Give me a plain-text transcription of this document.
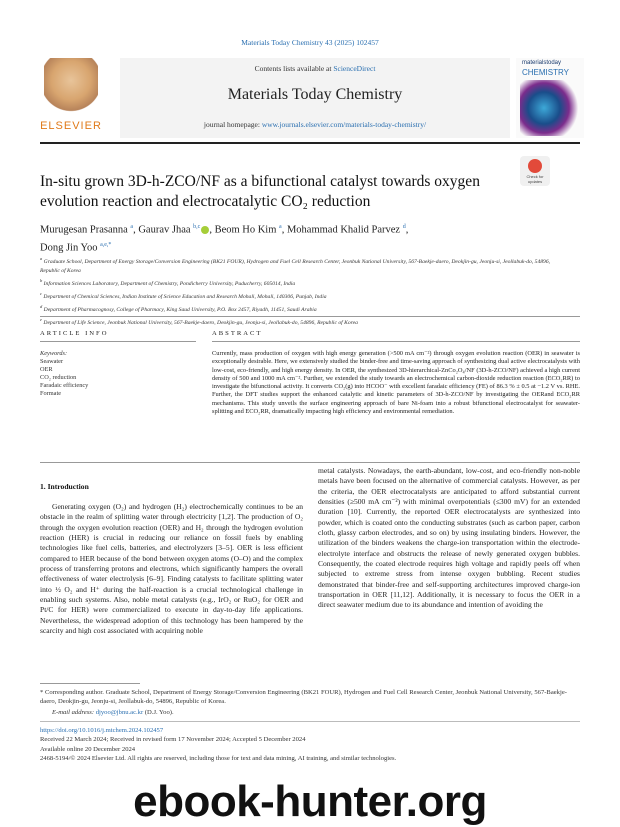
Materials Today Chemistry 43 (2025) 102457
ELSEVIER
Contents lists available at ScienceDirect
Materials Today Chemistry
journal homepage: www.journals.elsevier.com/materials-today-chemistry/
materialstoday
CHEMISTRY
In-situ grown 3D-h-ZCO/NF as a bifunctional catalyst towards oxygen evolution reaction and electrocatalytic CO₂ reduction
Check for updates
Murugesan Prasanna $^a$, Gaurav Jhaa $^{b,c}$ , Beom Ho Kim $^a$, Mohammad Khalid Parvez $^d$,
Dong Jin Yoo $^{a,e,*}$
$^a$ Graduate School, Department of Energy Storage/Conversion Engineering (BK21 FOUR), Hydrogen and Fuel Cell Research Center, Jeonbuk National University, 567-Baekje-daero, Deokjin-gu, Jeonju-si, Jeollabuk-do, 54896, Republic of Korea
$^b$ Information Sciences Laboratory, Department of Chemistry, Pondicherry University, Puducherry, 605014, India
$^c$ Department of Chemical Sciences, Indian Institute of Science Education and Research Mohali, Mohali, 140306, Punjab, India
$^d$ Department of Pharmacognosy, College of Pharmacy, King Saud University, P.O. Box 2457, Riyadh, 11451, Saudi Arabia
$^e$ Department of Life Science, Jeonbuk National University, 567-Baekje-daero, Deokjin-gu, Jeonju-si, Jeollabuk-do, 54896, Republic of Korea
ARTICLE INFO	ABSTRACT
Keywords:
Seawater
OER
CO₂ reduction
Faradaic efficiency
Formate
Currently, mass production of oxygen with high energy generation (>500 mA cm⁻²) through oxygen evolution reaction (OER) in seawater is exceptionally desirable. Here, we extensively studied the binder-free and time-saving approach of synthesizing dual active electrocatalysts with low-cost, eco-friendly, and high energy density. In OER, the synthesized 3D-hierarchical-ZnCo₂O₄/NF (3D-h-ZCO/NF) achieved a high current density of 500 and 1000 mA cm⁻². Further, we extended the study towards an electrochemical carbon-dioxide reduction reaction (ECO₂RR) to investigate the bifunctional activity. It converts CO₂(g) into HCOO⁻ with excellent faradaic efficiency (FE) of 86.3 % ± 0.5 at −1.2 V vs. RHE. Further, the DFT studies support the enhanced catalytic and kinetic parameters of 3D-h-ZCO/NF by investigating the OERand ECO₂RR mechanisms. This study unveils the surface engineering approach of bare Ni-foam into a robust bifunctional electrocatalyst for seawater-splitting and ECO₂RR, dramatically impacting high efficiency and environmental remediation.
1. Introduction
Generating oxygen (O₂) and hydrogen (H₂) electrochemically continues to be an obstacle in the realm of splitting water through electricity [1,2]. The production of O₂ through the oxygen evolution reaction (OER) and H₂ through the hydrogen evolution reaction (HER) is crucial in reducing our reliance on fossil fuels by enabling technologies like fuel cells, batteries, and electrolyzers [3–5]. OER is less efficient compared to HER because of the bond between oxygen atoms (O–O) and the complex process of transferring protons and electrons, which significantly hampers the overall effectiveness of water electrolysis [6–9]. Finding catalysts to facilitate splitting water into ½ O₂ and H⁺ during the half-reaction is a crucial technological challenge in enabling such systems. Also, noble metal catalysts (e.g., IrO₂ or RuO₂ for OER and Pt/C for HER) were commercialized to execute in day-to-day life applications. Nevertheless, the widespread adoption of this technology has been hampered by the scarcity and high cost associated with acquiring noble
metal catalysts. Nowadays, the earth-abundant, low-cost, and eco-friendly non-noble metals have been focused on the alternative of commercial catalysts. However, as per the criteria, the OER electrocatalysts are anticipated to afford substantial current densities (≥500 mA cm⁻²) with minimal overpotentials (≤300 mV) for an extended duration [10]. Currently, the reported OER electrocatalysts are synthesized into powder, which is coated onto the conducting substrates (such as carbon paper, carbon cloth, glassy carbon electrodes, and so on) by using insulating binders. However, the utilization of the binders weakens the charge-ion transportation within the electrode-electrolyte interface and obstructs the release of newly generated oxygen bubbles. Consequently, the coated electrode requires high voltage and rapidly peels off when subjected to extreme stress from intense oxygen bubbling. Recent studies demonstrated that binder-free and self-supporting architectures improved charge-ion transportation in OER [11,12]. Additionally, it is necessary to focus the OER in a direct seawater medium due to its abundance and intention of avoiding the
* Corresponding author. Graduate School, Department of Energy Storage/Conversion Engineering (BK21 FOUR), Hydrogen and Fuel Cell Research Center, Jeonbuk National University, 567-Baekje-daero, Deokjin-gu, Jeonju-si, Jeollabuk-do, 54896, Republic of Korea.
E-mail address: djyoo@jbnu.ac.kr (D.J. Yoo).
https://doi.org/10.1016/j.mtchem.2024.102457
Received 22 March 2024; Received in revised form 17 November 2024; Accepted 5 December 2024
Available online 20 December 2024
2468-5194/© 2024 Elsevier Ltd. All rights are reserved, including those for text and data mining, AI training, and similar technologies.
ebook-hunter.org
